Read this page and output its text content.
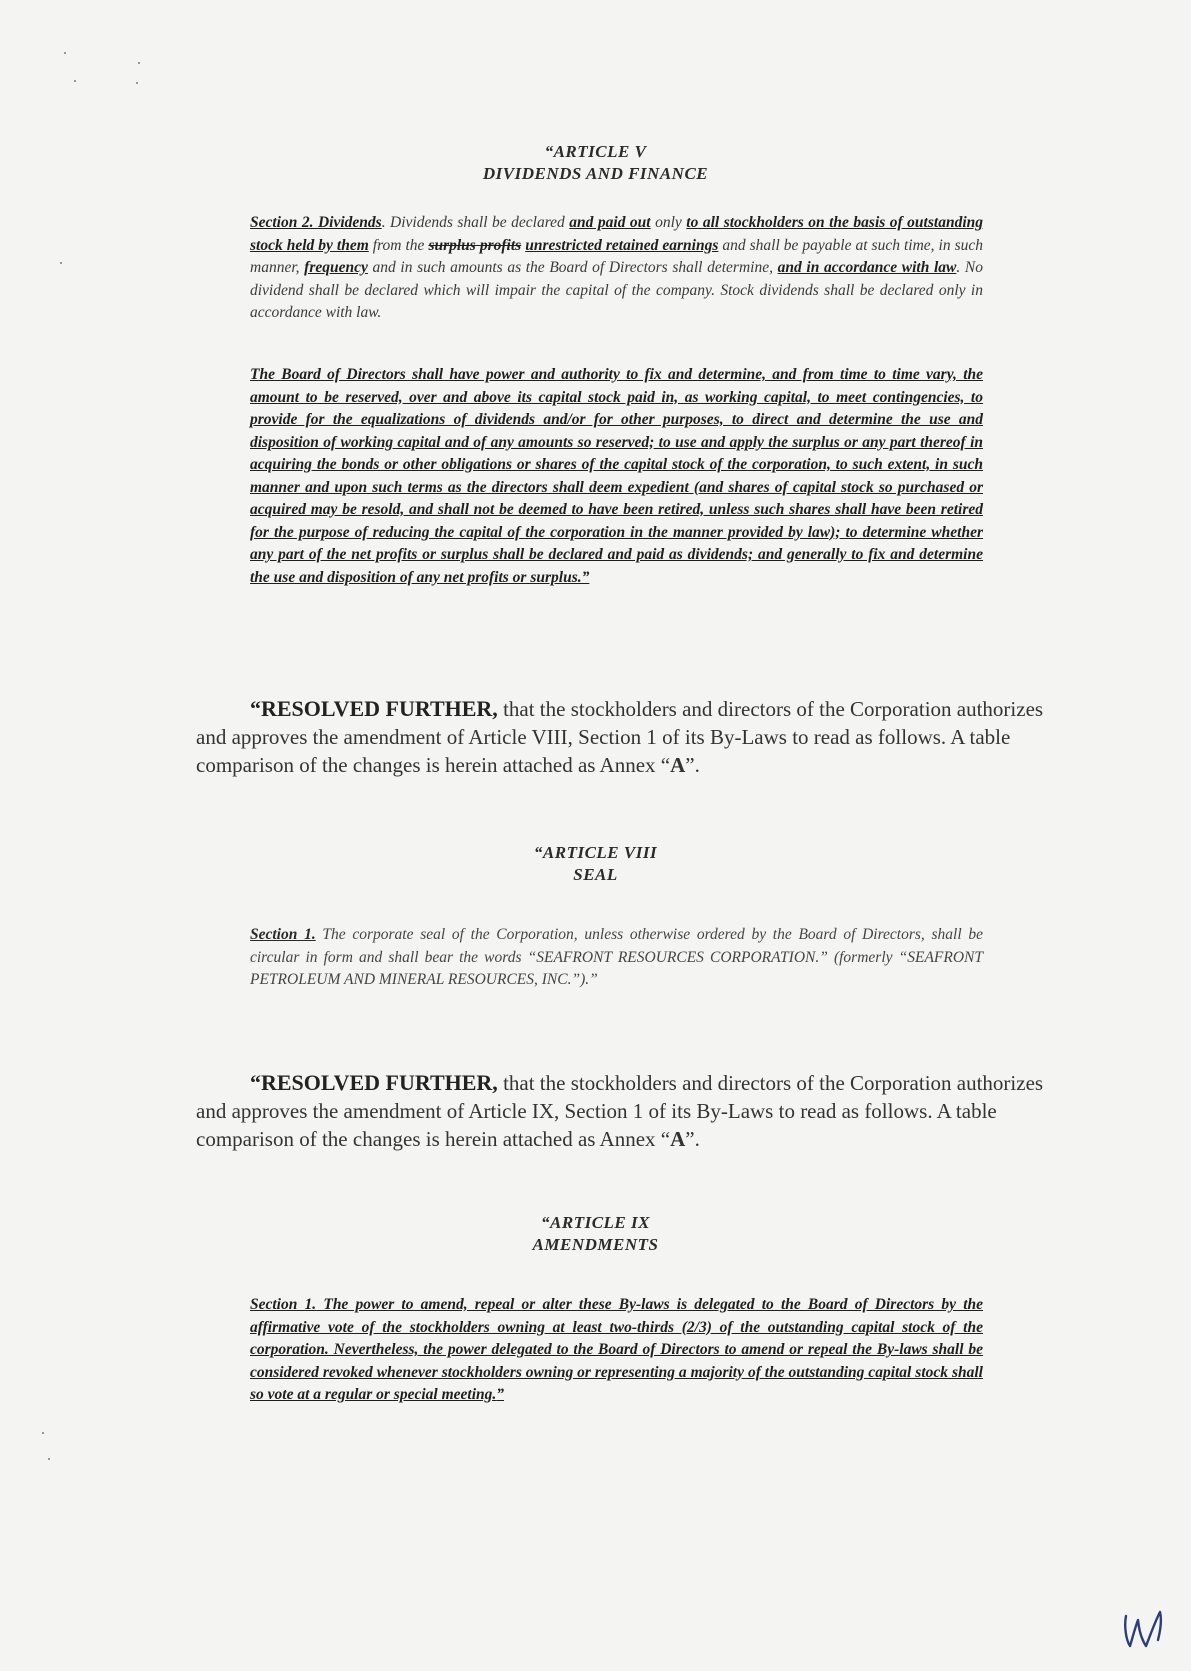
“ARTICLE V
DIVIDENDS AND FINANCE
Section 2. Dividends. Dividends shall be declared and paid out only to all stockholders on the basis of outstanding stock held by them from the surplus profits unrestricted retained earnings and shall be payable at such time, in such manner, frequency and in such amounts as the Board of Directors shall determine, and in accordance with law. No dividend shall be declared which will impair the capital of the company. Stock dividends shall be declared only in accordance with law.
The Board of Directors shall have power and authority to fix and determine, and from time to time vary, the amount to be reserved, over and above its capital stock paid in, as working capital, to meet contingencies, to provide for the equalizations of dividends and/or for other purposes, to direct and determine the use and disposition of working capital and of any amounts so reserved; to use and apply the surplus or any part thereof in acquiring the bonds or other obligations or shares of the capital stock of the corporation, to such extent, in such manner and upon such terms as the directors shall deem expedient (and shares of capital stock so purchased or acquired may be resold, and shall not be deemed to have been retired, unless such shares shall have been retired for the purpose of reducing the capital of the corporation in the manner provided by law); to determine whether any part of the net profits or surplus shall be declared and paid as dividends; and generally to fix and determine the use and disposition of any net profits or surplus.”
“RESOLVED FURTHER, that the stockholders and directors of the Corporation authorizes and approves the amendment of Article VIII, Section 1 of its By-Laws to read as follows. A table comparison of the changes is herein attached as Annex “A”.
“ARTICLE VIII
SEAL
Section 1. The corporate seal of the Corporation, unless otherwise ordered by the Board of Directors, shall be circular in form and shall bear the words “SEAFRONT RESOURCES CORPORATION.” (formerly “SEAFRONT PETROLEUM AND MINERAL RESOURCES, INC.”).”
“RESOLVED FURTHER, that the stockholders and directors of the Corporation authorizes and approves the amendment of Article IX, Section 1 of its By-Laws to read as follows. A table comparison of the changes is herein attached as Annex “A”.
“ARTICLE IX
AMENDMENTS
Section 1. The power to amend, repeal or alter these By-laws is delegated to the Board of Directors by the affirmative vote of the stockholders owning at least two-thirds (2/3) of the outstanding capital stock of the corporation. Nevertheless, the power delegated to the Board of Directors to amend or repeal the By-laws shall be considered revoked whenever stockholders owning or representing a majority of the outstanding capital stock shall so vote at a regular or special meeting.”
